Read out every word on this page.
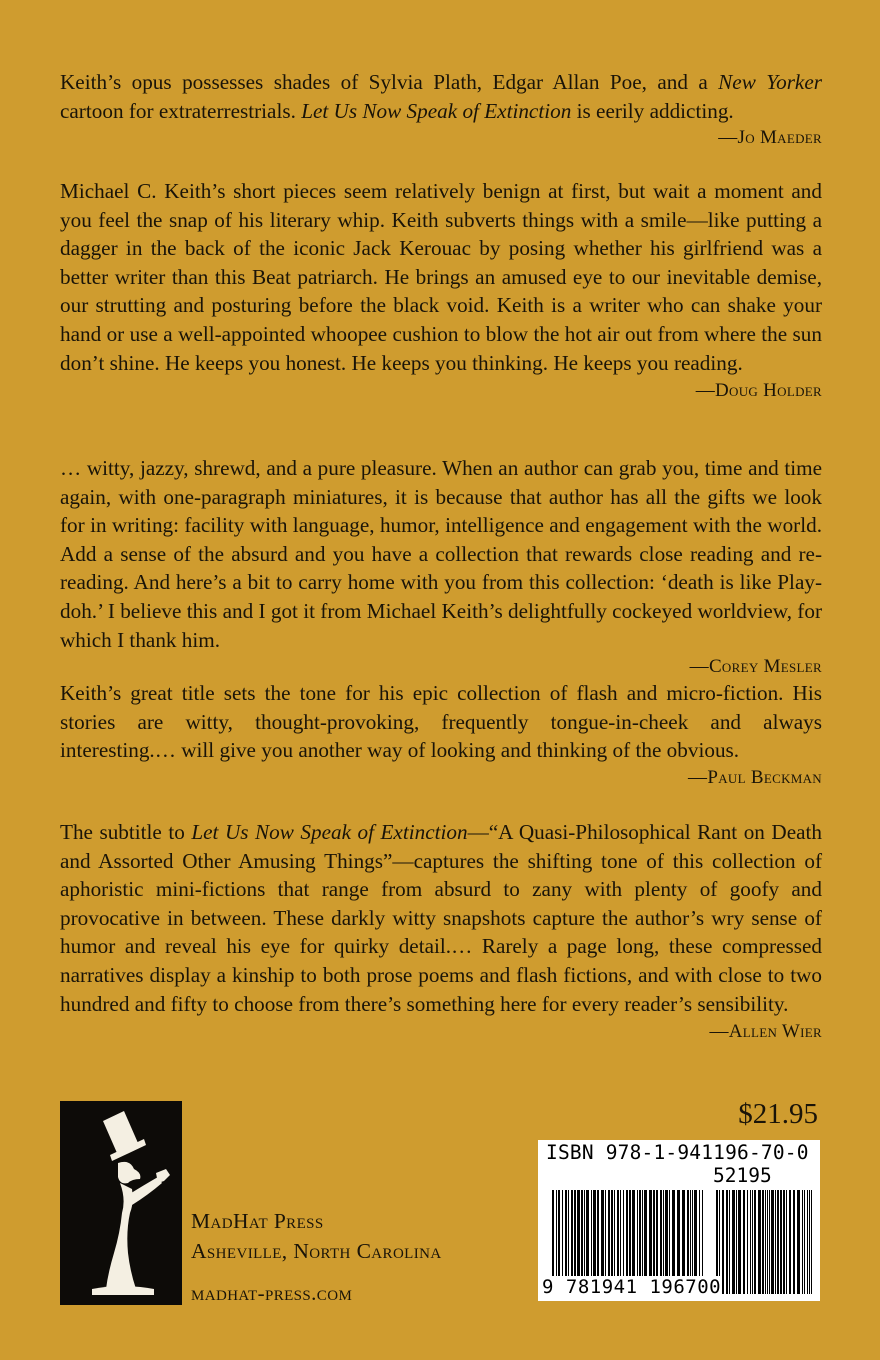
Keith’s opus possesses shades of Sylvia Plath, Edgar Allan Poe, and a New Yorker cartoon for extraterrestrials. Let Us Now Speak of Extinction is eerily addicting.

—Jo Maeder

Michael C. Keith’s short pieces seem relatively benign at first, but wait a moment and you feel the snap of his literary whip. Keith subverts things with a smile—like putting a dagger in the back of the iconic Jack Kerouac by posing whether his girlfriend was a better writer than this Beat patriarch. He brings an amused eye to our inevitable demise, our strutting and posturing before the black void. Keith is a writer who can shake your hand or use a well-appointed whoopee cushion to blow the hot air out from where the sun don’t shine. He keeps you honest. He keeps you thinking. He keeps you reading.
—Doug Holder

… witty, jazzy, shrewd, and a pure pleasure. When an author can grab you, time and time again, with one-paragraph miniatures, it is because that author has all the gifts we look for in writing: facility with language, humor, intelligence and engagement with the world. Add a sense of the absurd and you have a collection that rewards close reading and re-reading. And here’s a bit to carry home with you from this collection: ‘death is like Play-doh.’ I believe this and I got it from Michael Keith’s delightfully cockeyed worldview, for which I thank him.

—Corey Mesler

Keith’s great title sets the tone for his epic collection of flash and micro-fiction. His stories are witty, thought-provoking, frequently tongue-in-cheek and always interesting.… will give you another way of looking and thinking of the obvious.

—Paul Beckman

The subtitle to Let Us Now Speak of Extinction—“A Quasi-Philosophical Rant on Death and Assorted Other Amusing Things”—captures the shifting tone of this collection of aphoristic mini-fictions that range from absurd to zany with plenty of goofy and provocative in between. These darkly witty snapshots capture the author’s wry sense of humor and reveal his eye for quirky detail.… Rarely a page long, these compressed narratives display a kinship to both prose poems and flash fictions, and with close to two hundred and fifty to choose from there’s something here for every reader’s sensibility.
—Allen Wier

MadHat Press
Asheville, North Carolina
madhat-press.com
$21.95
ISBN 978-1-941196-70-0
52195
9 781941 196700
